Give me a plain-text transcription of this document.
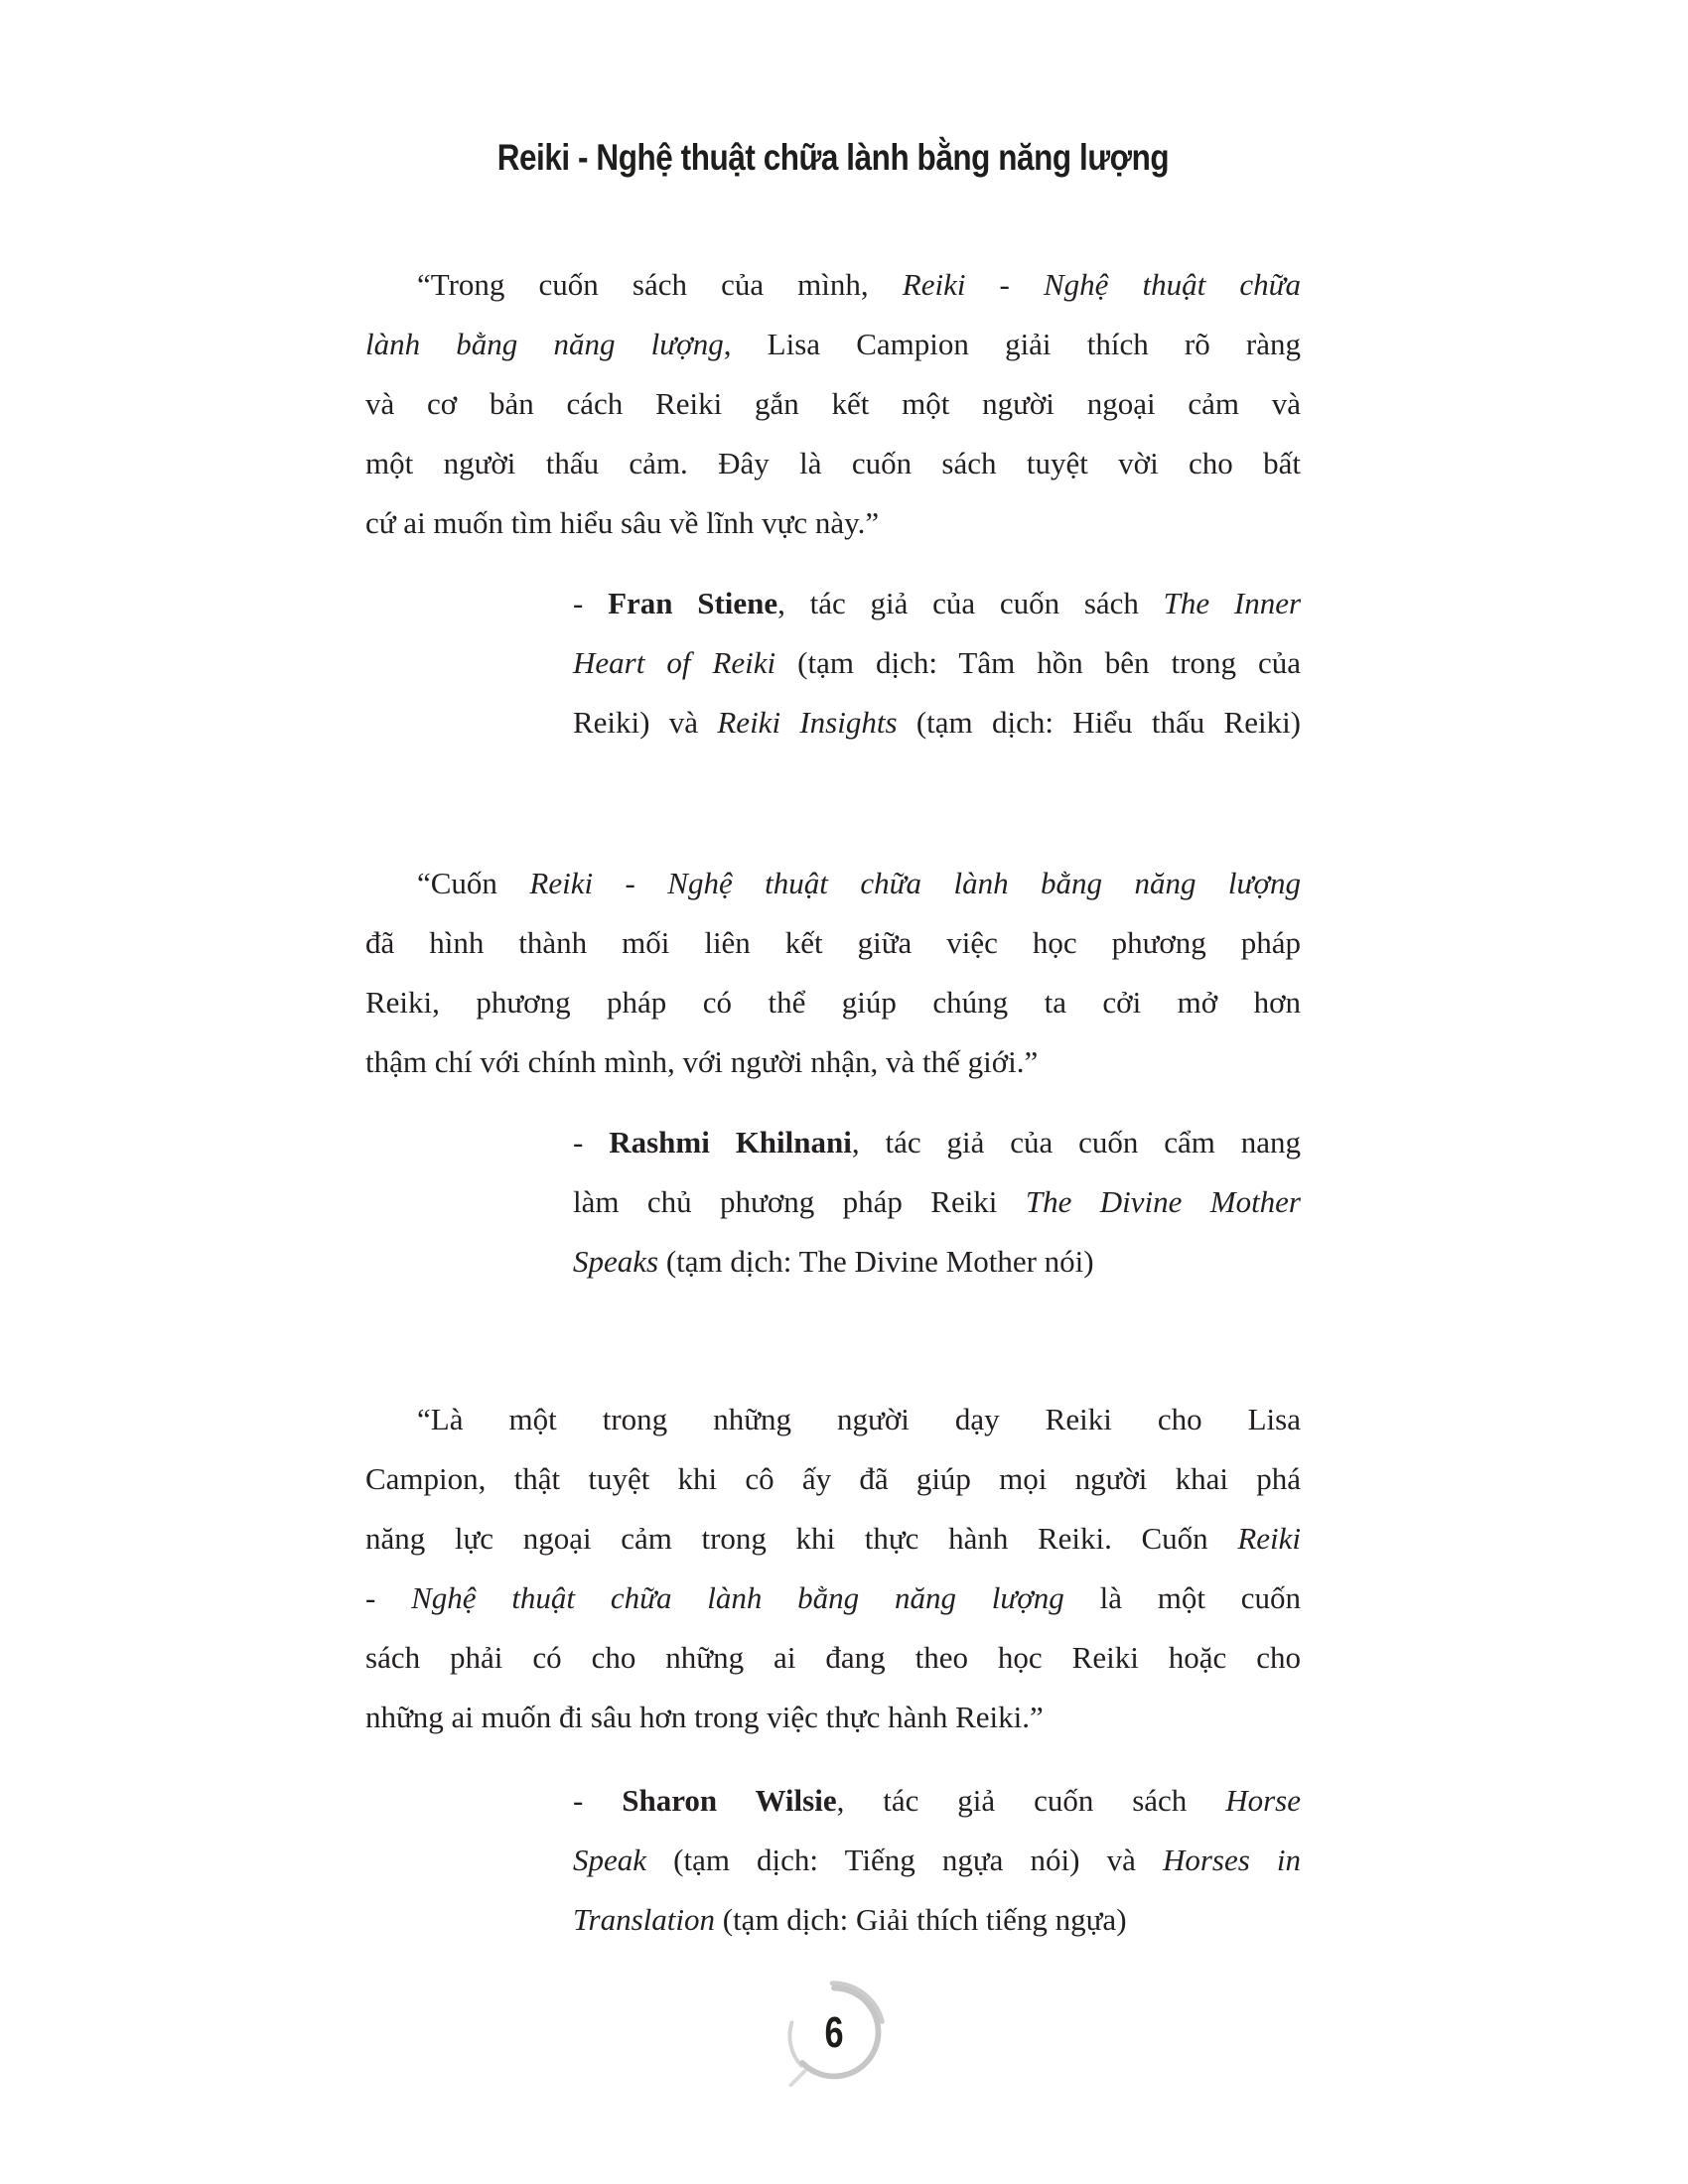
Reiki - Nghệ thuật chữa lành bằng năng lượng
“Trong cuốn sách của mình, Reiki - Nghệ thuật chữa
lành bằng năng lượng, Lisa Campion giải thích rõ ràng
và cơ bản cách Reiki gắn kết một người ngoại cảm và
một người thấu cảm. Đây là cuốn sách tuyệt vời cho bất
cứ ai muốn tìm hiểu sâu về lĩnh vực này.”
- Fran Stiene, tác giả của cuốn sách The Inner
Heart of Reiki (tạm dịch: Tâm hồn bên trong của
Reiki) và Reiki Insights (tạm dịch: Hiểu thấu Reiki)
“Cuốn Reiki - Nghệ thuật chữa lành bằng năng lượng
đã hình thành mối liên kết giữa việc học phương pháp
Reiki, phương pháp có thể giúp chúng ta cởi mở hơn
thậm chí với chính mình, với người nhận, và thế giới.”
- Rashmi Khilnani, tác giả của cuốn cẩm nang
làm chủ phương pháp Reiki The Divine Mother
Speaks (tạm dịch: The Divine Mother nói)
“Là một trong những người dạy Reiki cho Lisa
Campion, thật tuyệt khi cô ấy đã giúp mọi người khai phá
năng lực ngoại cảm trong khi thực hành Reiki. Cuốn Reiki
- Nghệ thuật chữa lành bằng năng lượng là một cuốn
sách phải có cho những ai đang theo học Reiki hoặc cho
những ai muốn đi sâu hơn trong việc thực hành Reiki.”
- Sharon Wilsie, tác giả cuốn sách Horse
Speak (tạm dịch: Tiếng ngựa nói) và Horses in
Translation (tạm dịch: Giải thích tiếng ngựa)
6
